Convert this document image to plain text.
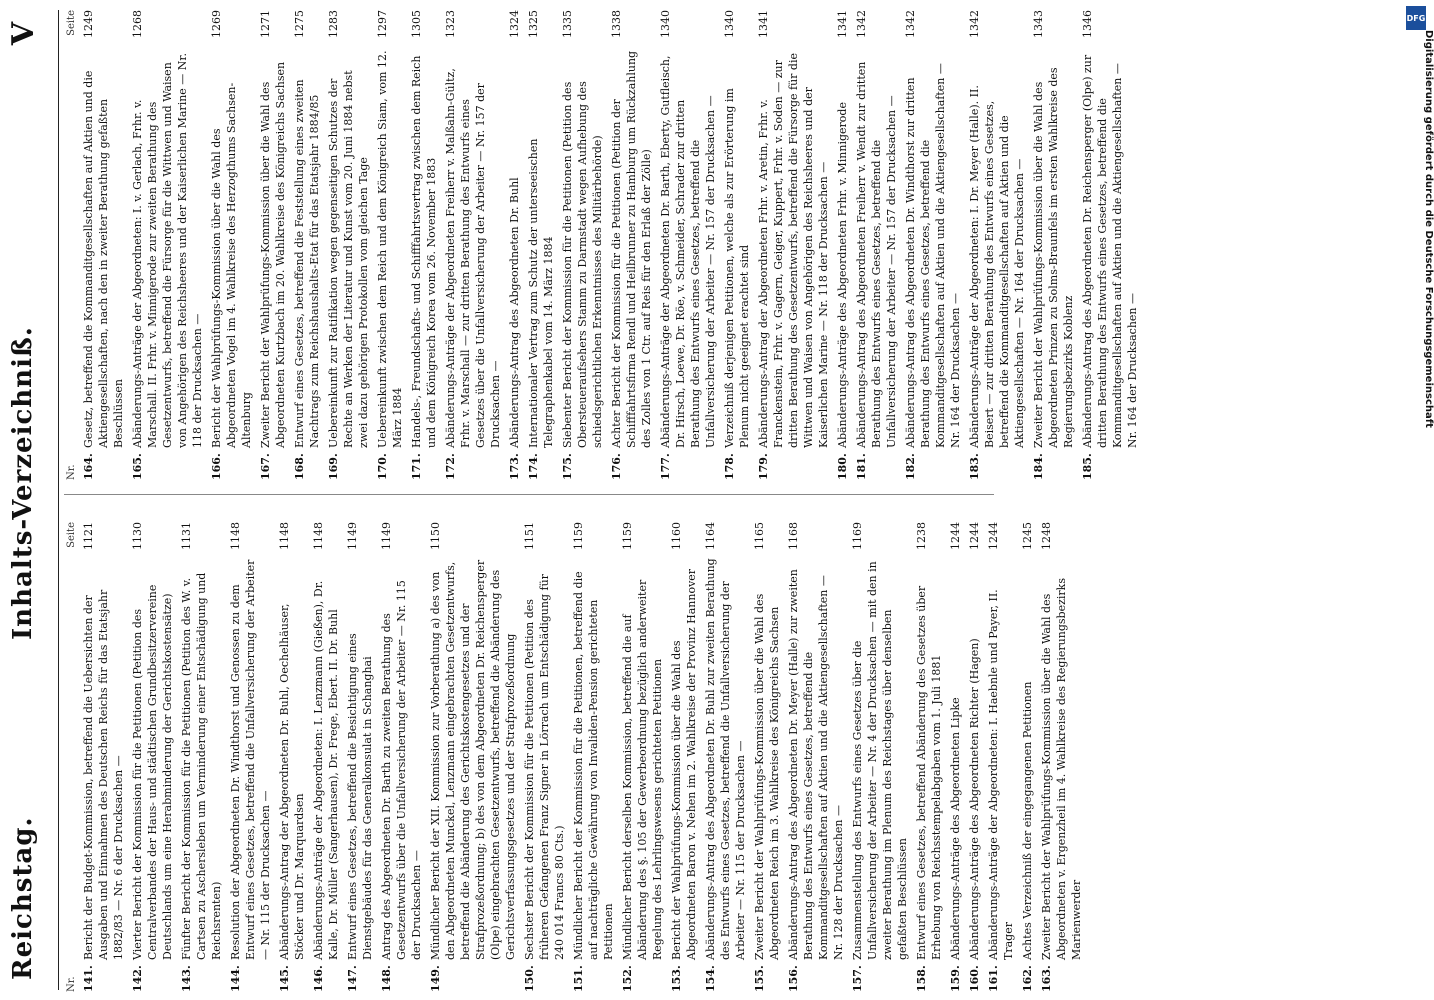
Reichstag.
Inhalts-Verzeichniß.
V
Nr.
Seite
141.
Bericht der Budget-Kommission, betreffend die Uebersichten der Ausgaben und Einnahmen des Deutschen Reichs für das Etatsjahr 1882/83 — Nr. 6 der Drucksachen —
1121
142.
Vierter Bericht der Kommission für die Petitionen (Petition des Centralverbandes der Haus- und städtischen Grundbesitzervereine Deutschlands um eine Herabminderung der Gerichtskostensätze)
1130
143.
Fünfter Bericht der Kommission für die Petitionen (Petition des W. v. Cartsen zu Aschersleben um Verminderung einer Entschädigung und Reichsrenten)
1131
144.
Resolution der Abgeordneten Dr. Windthorst und Genossen zu dem Entwurf eines Gesetzes, betreffend die Unfallversicherung der Arbeiter — Nr. 115 der Drucksachen —
1148
145.
Abänderungs-Antrag der Abgeordneten Dr. Buhl, Oechelhäuser, Stöcker und Dr. Marquardsen
1148
146.
Abänderungs-Anträge der Abgeordneten: I. Lenzmann (Gießen), Dr. Kalle, Dr. Müller (Sangerhausen), Dr. Frege, Ebert. II. Dr. Buhl
1148
147.
Entwurf eines Gesetzes, betreffend die Besichtigung eines Dienstgebäudes für das Generalkonsulat in Schanghai
1149
148.
Antrag des Abgeordneten Dr. Barth zu zweiten Berathung des Gesetzentwurfs über die Unfallversicherung der Arbeiter — Nr. 115 der Drucksachen —
1149
149.
Mündlicher Bericht der XII. Kommission zur Vorberathung a) des von den Abgeordneten Munckel, Lenzmann eingebrachten Gesetzentwurfs, betreffend die Abänderung des Gerichtskostengesetzes und der Strafprozeßordnung; b) des von dem Abgeordneten Dr. Reichensperger (Olpe) eingebrachten Gesetzentwurfs, betreffend die Abänderung des Gerichtsverfassungsgesetzes und der Strafprozeßordnung
1150
150.
Sechster Bericht der Kommission für die Petitionen (Petition des früheren Gefangenen Franz Signer in Lörrach um Entschädigung für 240 014 Francs 80 Cts.)
1151
151.
Mündlicher Bericht der Kommission für die Petitionen, betreffend die auf nachträgliche Gewährung von Invaliden-Pension gerichteten Petitionen
1159
152.
Mündlicher Bericht derselben Kommission, betreffend die auf Abänderung des §. 105 der Gewerbeordnung bezüglich anderweiter Regelung des Lehrlingswesens gerichteten Petitionen
1159
153.
Bericht der Wahlprüfungs-Kommission über die Wahl des Abgeordneten Baron v. Nehen im 2. Wahlkreise der Provinz Hannover
1160
154.
Abänderungs-Antrag des Abgeordneten Dr. Buhl zur zweiten Berathung des Entwurfs eines Gesetzes, betreffend die Unfallversicherung der Arbeiter — Nr. 115 der Drucksachen —
1164
155.
Zweiter Bericht der Wahlprüfungs-Kommission über die Wahl des Abgeordneten Reich im 3. Wahlkreise des Königreichs Sachsen
1165
156.
Abänderungs-Antrag des Abgeordneten Dr. Meyer (Halle) zur zweiten Berathung des Entwurfs eines Gesetzes, betreffend die Kommanditgesellschaften auf Aktien und die Aktiengesellschaften — Nr. 128 der Drucksachen —
1168
157.
Zusammenstellung des Entwurfs eines Gesetzes über die Unfallversicherung der Arbeiter — Nr. 4 der Drucksachen — mit den in zweiter Berathung im Plenum des Reichstages über denselben gefaßten Beschlüssen
1169
158.
Entwurf eines Gesetzes, betreffend Abänderung des Gesetzes über Erhebung von Reichsstempelabgaben vom 1. Juli 1881
1238
159.
Abänderungs-Anträge des Abgeordneten Lipke
1244
160.
Abänderungs-Anträge des Abgeordneten Richter (Hagen)
1244
161.
Abänderungs-Anträge der Abgeordneten: I. Haebnle und Payer, II. Trager
1244
162.
Achtes Verzeichniß der eingegangenen Petitionen
1245
163.
Zweiter Bericht der Wahlprüfungs-Kommission über die Wahl des Abgeordneten v. Ergenzheil im 4. Wahlkreise des Regierungsbezirks Marienwerder
1248
Nr.
Seite
164.
Gesetz, betreffend die Kommanditgesellschaften auf Aktien und die Aktiengesellschaften, nach den in zweiter Berathung gefaßten Beschlüssen
1249
165.
Abänderungs-Anträge der Abgeordneten: I. v. Gerlach, Frhr. v. Marschall. II. Frhr. v. Minnigerode zur zweiten Berathung des Gesetzentwurfs, betreffend die Fürsorge für die Wittwen und Waisen von Angehörigen des Reichsheeres und der Kaiserlichen Marine — Nr. 118 der Drucksachen —
1268
166.
Bericht der Wahlprüfungs-Kommission über die Wahl des Abgeordneten Vogel im 4. Wahlkreise des Herzogthums Sachsen-Altenburg
1269
167.
Zweiter Bericht der Wahlprüfungs-Kommission über die Wahl des Abgeordneten Kurtzbach im 20. Wahlkreise des Königreichs Sachsen
1271
168.
Entwurf eines Gesetzes, betreffend die Feststellung eines zweiten Nachtrags zum Reichshaushalts-Etat für das Etatsjahr 1884/85
1275
169.
Uebereinkunft zur Ratifikation wegen gegenseitigen Schutzes der Rechte an Werken der Literatur und Kunst vom 20. Juni 1884 nebst zwei dazu gehörigen Protokollen vom gleichen Tage
1283
170.
Uebereinkunft zwischen dem Reich und dem Königreich Siam, vom 12. März 1884
1297
171.
Handels-, Freundschafts- und Schifffahrtsvertrag zwischen dem Reich und dem Königreich Korea vom 26. November 1883
1305
172.
Abänderungs-Anträge der Abgeordneten Freiherr v. Malßahn-Gültz, Frhr. v. Marschall — zur dritten Berathung des Entwurfs eines Gesetzes über die Unfallversicherung der Arbeiter — Nr. 157 der Drucksachen —
1323
173.
Abänderungs-Antrag des Abgeordneten Dr. Buhl
1324
174.
Internationaler Vertrag zum Schutz der unterseeischen Telegraphenkabel vom 14. März 1884
1325
175.
Siebenter Bericht der Kommission für die Petitionen (Petition des Obersteueraufsehers Stamm zu Darmstadt wegen Aufhebung des schiedsgerichtlichen Erkenntnisses des Militärbehörde)
1335
176.
Achter Bericht der Kommission für die Petitionen (Petition der Schifffahrtsfirma Rendl und Heilbrunner zu Hamburg um Rückzahlung des Zolles von 1 Ctr. auf Reis für den Erlaß der Zölle)
1338
177.
Abänderungs-Anträge der Abgeordneten Dr. Barth, Eberty, Gutfleisch, Dr. Hirsch, Loewe, Dr. Röe, v. Schmeider, Schrader zur dritten Berathung des Entwurfs eines Gesetzes, betreffend die Unfallversicherung der Arbeiter — Nr. 157 der Drucksachen —
1340
178.
Verzeichniß derjenigen Petitionen, welche als zur Erörterung im Plenum nicht geeignet erachtet sind
1340
179.
Abänderungs-Antrag der Abgeordneten Frhr. v. Aretin, Frhr. v. Franckenstein, Frhr. v. Gagern, Geiger, Kuppert, Frhr. v. Soden — zur dritten Berathung des Gesetzentwurfs, betreffend die Fürsorge für die Wittwen und Waisen von Angehörigen des Reichsheeres und der Kaiserlichen Marine — Nr. 118 der Drucksachen —
1341
180.
Abänderungs-Anträge des Abgeordneten Frhr. v. Minnigerode
1341
181.
Abänderungs-Antrag des Abgeordneten Freiherr v. Wendt zur dritten Berathung des Entwurfs eines Gesetzes, betreffend die Unfallversicherung der Arbeiter — Nr. 157 der Drucksachen —
1342
182.
Abänderungs-Antrag des Abgeordneten Dr. Windthorst zur dritten Berathung des Entwurfs eines Gesetzes, betreffend die Kommanditgesellschaften auf Aktien und die Aktiengesellschaften — Nr. 164 der Drucksachen —
1342
183.
Abänderungs-Anträge der Abgeordneten: I. Dr. Meyer (Halle). II. Beisert — zur dritten Berathung des Entwurfs eines Gesetzes, betreffend die Kommanditgesellschaften auf Aktien und die Aktiengesellschaften — Nr. 164 der Drucksachen —
1342
184.
Zweiter Bericht der Wahlprüfungs-Kommission über die Wahl des Abgeordneten Prinzen zu Solms-Braunfels im ersten Wahlkreise des Regierungsbezirks Koblenz
1343
185.
Abänderungs-Antrag des Abgeordneten Dr. Reichensperger (Olpe) zur dritten Berathung des Entwurfs eines Gesetzes, betreffend die Kommanditgesellschaften auf Aktien und die Aktiengesellschaften — Nr. 164 der Drucksachen —
1346	DFG
Digitalisierung gefördert durch die Deutsche Forschungsgemeinschaft
